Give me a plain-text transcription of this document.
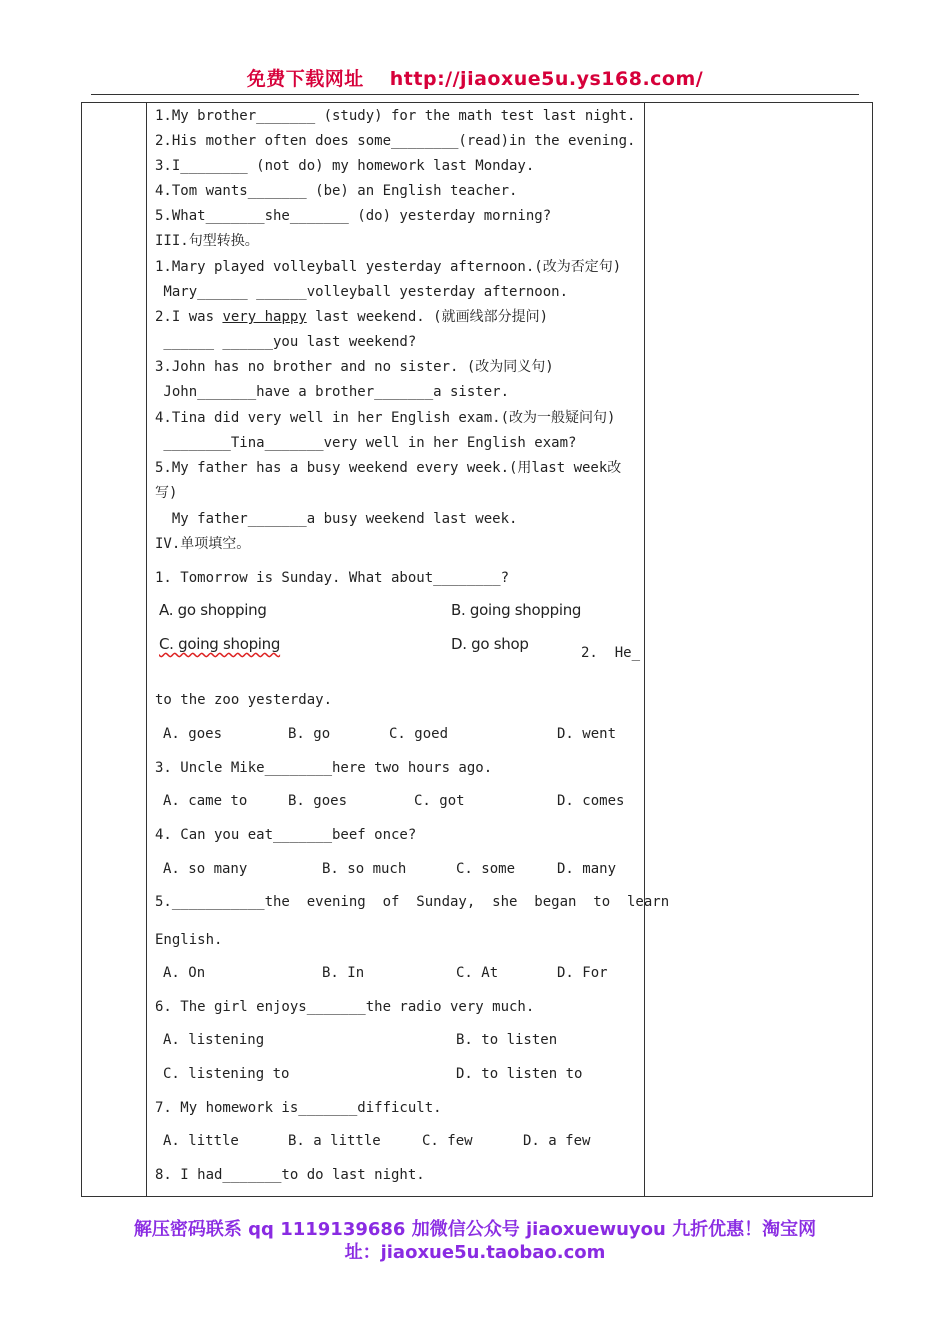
免费下载网址 http://jiaoxue5u.ys168.com/
1.My brother_______ (study) for the math test last night.
2.His mother often does some________(read)in the evening.
3.I________ (not do) my homework last Monday.
4.Tom wants_______ (be) an English teacher.
5.What_______she_______ (do) yesterday morning?
III.句型转换。
1.Mary played volleyball yesterday afternoon.(改为否定句)
Mary______ ______volleyball yesterday afternoon.
2.I was very happy last weekend. (就画线部分提问)
______ ______you last weekend?
3.John has no brother and no sister. (改为同义句)
John_______have a brother_______a sister.
4.Tina did very well in her English exam.(改为一般疑问句)
________Tina_______very well in her English exam?
5.My father has a busy weekend every week.(用last week改
写)
My father_______a busy weekend last week.
IV.单项填空。
1. Tomorrow is Sunday. What about________?
A. go shopping	B. going shopping
C. going shoping	D. go shop	2.  He_
to the zoo yesterday.
A. goes	B. go	C. goed	D. went
3. Uncle Mike________here two hours ago.
A. came to	B. goes	C. got	D. comes
4. Can you eat_______beef once?
A. so many	B. so much	C. some	D. many
5.___________the  evening  of  Sunday,  she  began  to  learn
English.
A. On	B. In	C. At	D. For
6. The girl enjoys_______the radio very much.
A. listening	B. to listen
C. listening to	D. to listen to
7. My homework is_______difficult.
A. little	B. a little	C. few	D. a few
8. I had_______to do last night.
解压密码联系 qq 1119139686 加微信公众号 jiaoxuewuyou 九折优惠！淘宝网
址：jiaoxue5u.taobao.com
